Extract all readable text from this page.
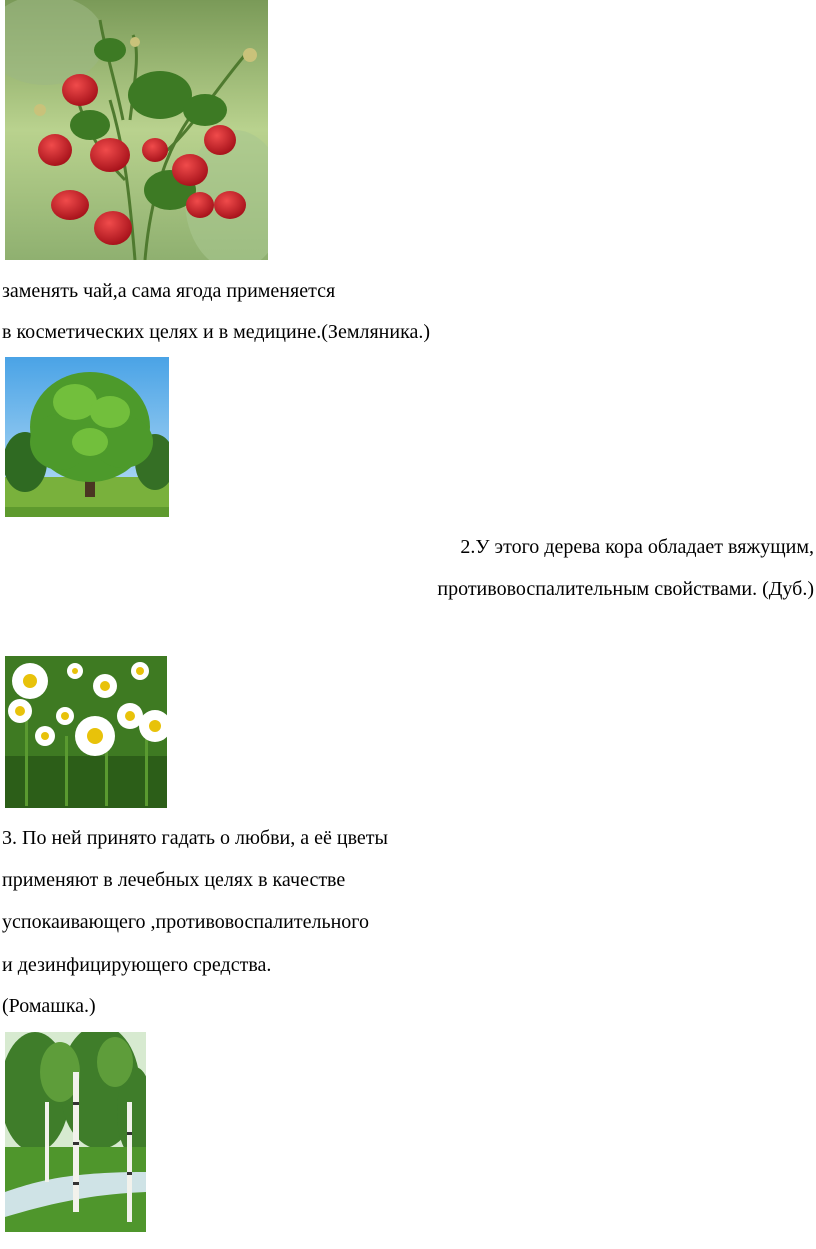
заменять чай,а сама ягода применяется

в косметических целях и в медицине.(Земляника.)

2.У этого дерева кора обладает вяжущим,

противовоспалительным свойствами. (Дуб.)

3. По ней принято гадать о любви, а её цветы

применяют в лечебных целях в качестве

успокаивающего ,противовоспалительного

и дезинфицирующего средства.

(Ромашка.)
